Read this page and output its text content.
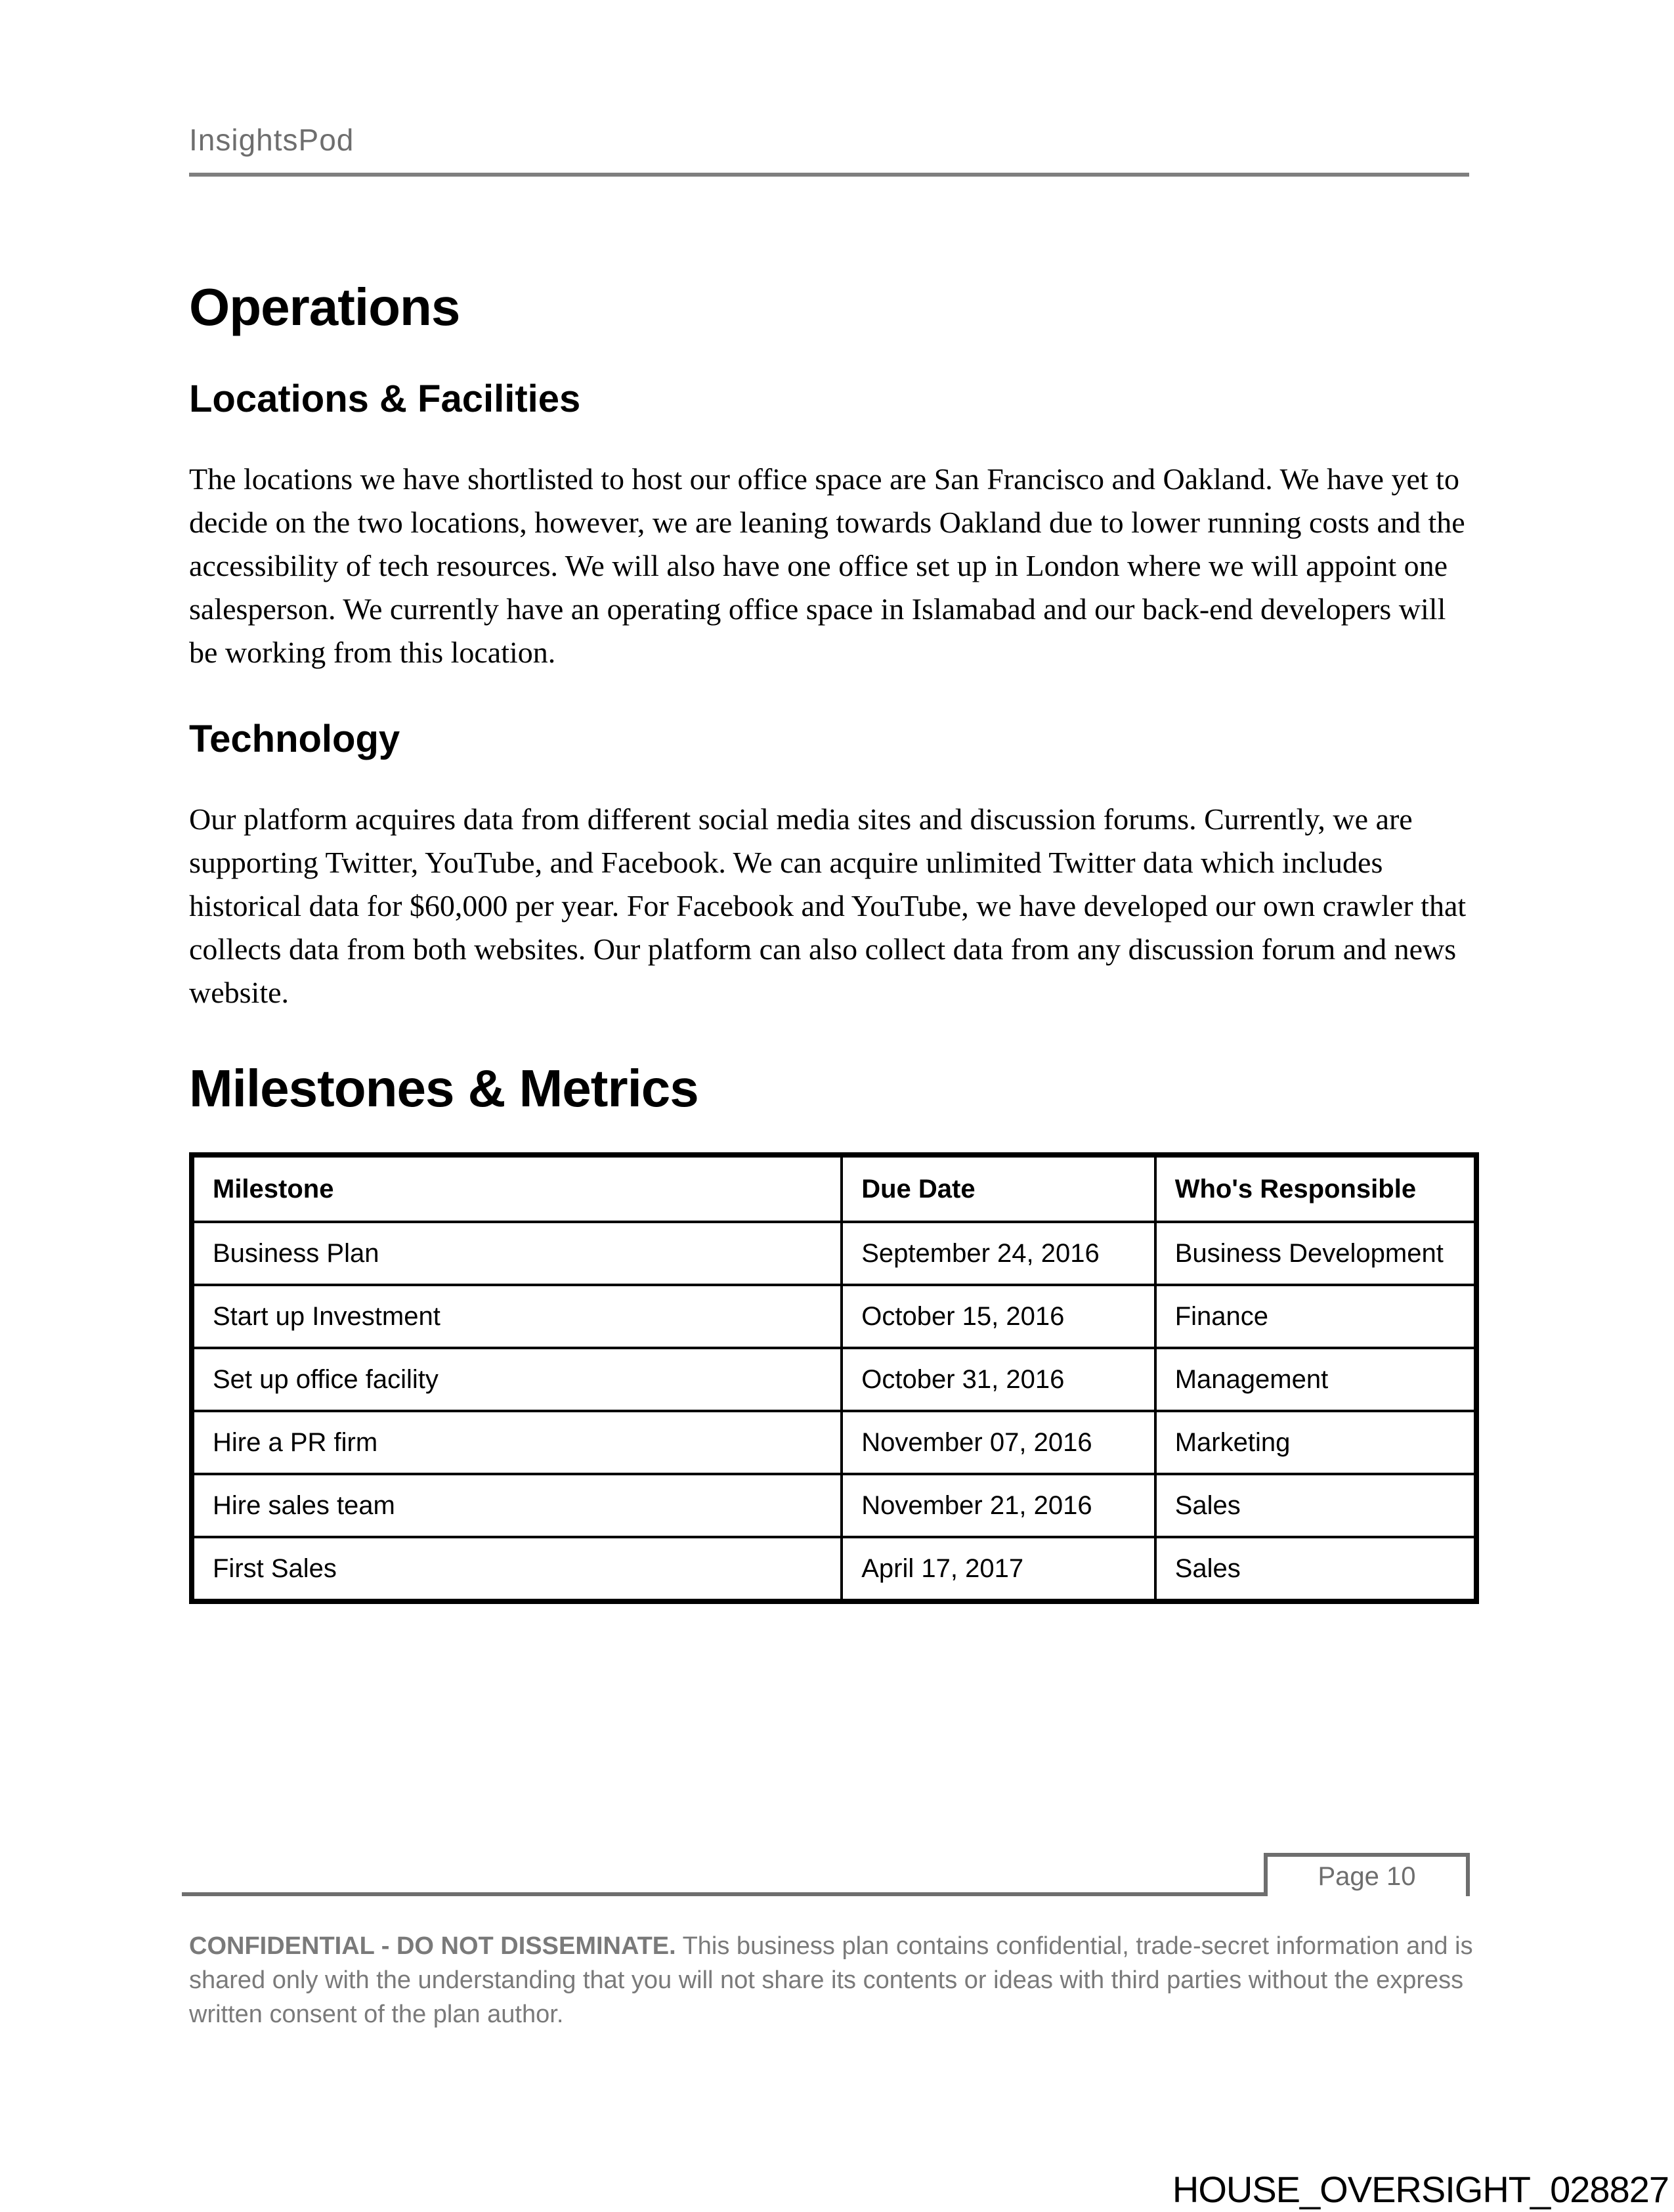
InsightsPod
Operations
Locations & Facilities

The locations we have shortlisted to host our office space are San Francisco and Oakland. We have yet to decide on the two locations, however, we are leaning towards Oakland due to lower running costs and the accessibility of tech resources. We will also have one office set up in London where we will appoint one salesperson. We currently have an operating office space in Islamabad and our back-end developers will be working from this location.

Technology

Our platform acquires data from different social media sites and discussion forums. Currently, we are supporting Twitter, YouTube, and Facebook. We can acquire unlimited Twitter data which includes historical data for $60,000 per year. For Facebook and YouTube, we have developed our own crawler that collects data from both websites. Our platform can also collect data from any discussion forum and news website.

Milestones & Metrics
Milestone	Due Date	Who's Responsible
Business Plan	September 24, 2016	Business Development
Start up Investment	October 15, 2016	Finance
Set up office facility	October 31, 2016	Management
Hire a PR firm	November 07, 2016	Marketing
Hire sales team	November 21, 2016	Sales
First Sales	April 17, 2017	Sales
Page 10

CONFIDENTIAL - DO NOT DISSEMINATE. This business plan contains confidential, trade-secret information and is shared only with the understanding that you will not share its contents or ideas with third parties without the express written consent of the plan author.

HOUSE_OVERSIGHT_028827
